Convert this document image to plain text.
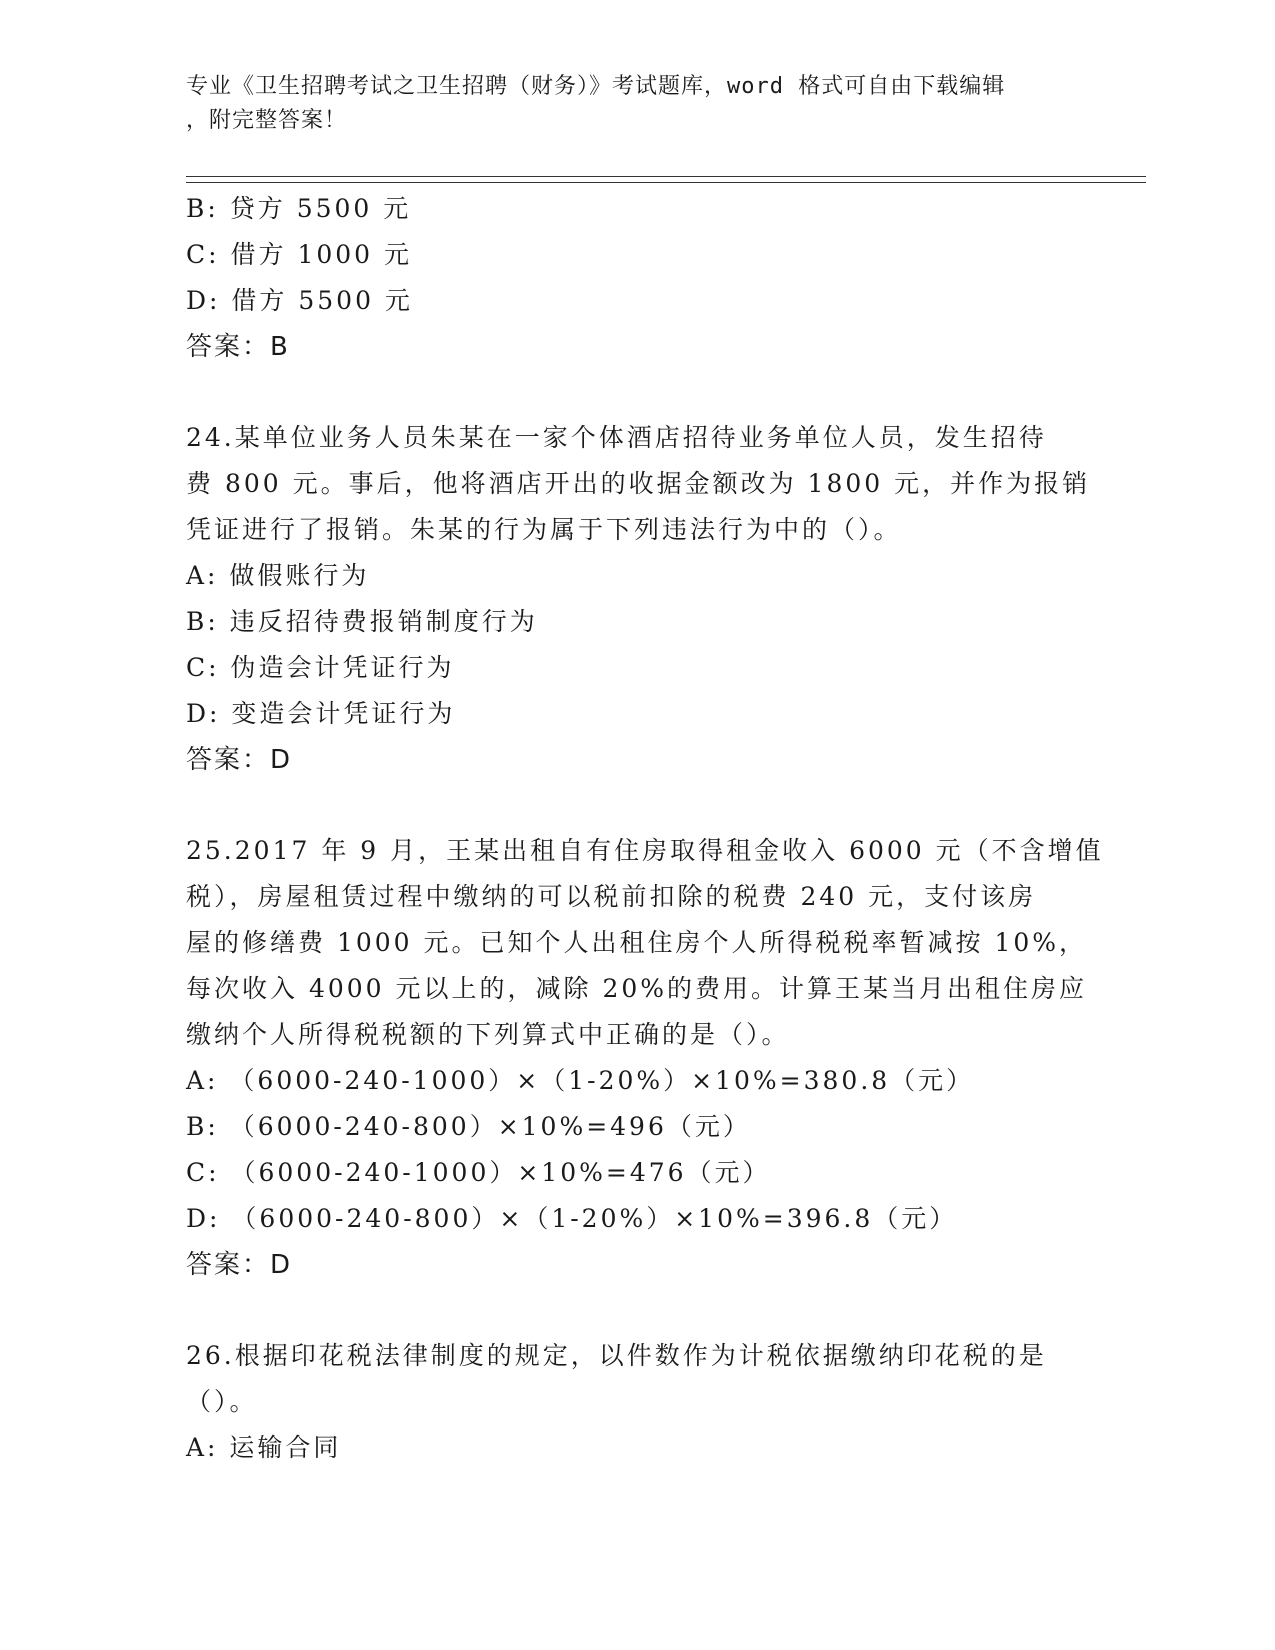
专业《卫生招聘考试之卫生招聘（财务）》考试题库，word 格式可自由下载编辑
，附完整答案！
B: 贷方 5500 元
C: 借方 1000 元
D: 借方 5500 元
答案：B
24.某单位业务人员朱某在一家个体酒店招待业务单位人员，发生招待
费 800 元。事后，他将酒店开出的收据金额改为 1800 元，并作为报销
凭证进行了报销。朱某的行为属于下列违法行为中的（）。
A: 做假账行为
B: 违反招待费报销制度行为
C: 伪造会计凭证行为
D: 变造会计凭证行为
答案：D
25.2017 年 9 月，王某出租自有住房取得租金收入 6000 元（不含增值
税），房屋租赁过程中缴纳的可以税前扣除的税费 240 元，支付该房
屋的修缮费 1000 元。已知个人出租住房个人所得税税率暂减按 10%，
每次收入 4000 元以上的，减除 20%的费用。计算王某当月出租住房应
缴纳个人所得税税额的下列算式中正确的是（）。
A: （6000-240-1000）×（1-20%）×10%=380.8（元）
B: （6000-240-800）×10%=496（元）
C: （6000-240-1000）×10%=476（元）
D: （6000-240-800）×（1-20%）×10%=396.8（元）
答案：D
26.根据印花税法律制度的规定，以件数作为计税依据缴纳印花税的是
（）。
A: 运输合同
